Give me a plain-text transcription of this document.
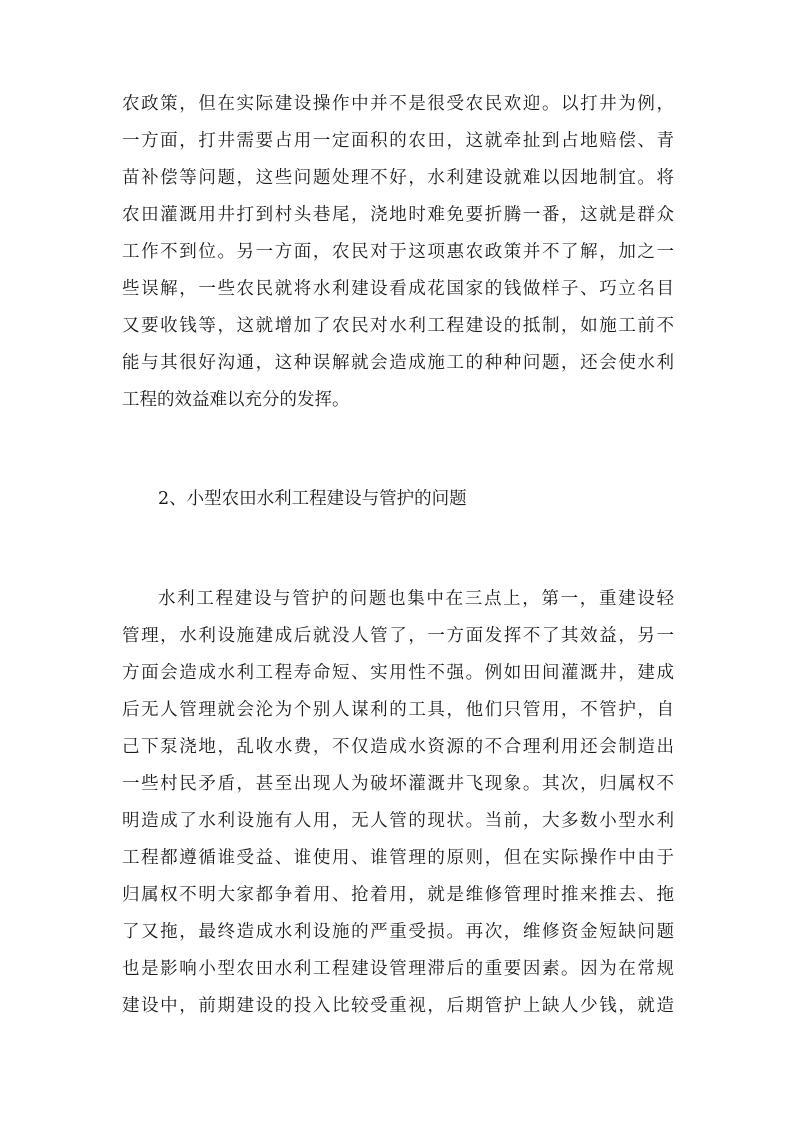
农政策，但在实际建设操作中并不是很受农民欢迎。以打井为例，
一方面，打井需要占用一定面积的农田，这就牵扯到占地赔偿、青
苗补偿等问题，这些问题处理不好，水利建设就难以因地制宜。将
农田灌溉用井打到村头巷尾，浇地时难免要折腾一番，这就是群众
工作不到位。另一方面，农民对于这项惠农政策并不了解，加之一
些误解，一些农民就将水利建设看成花国家的钱做样子、巧立名目
又要收钱等，这就增加了农民对水利工程建设的抵制，如施工前不
能与其很好沟通，这种误解就会造成施工的种种问题，还会使水利
工程的效益难以充分的发挥。
2、小型农田水利工程建设与管护的问题
水利工程建设与管护的问题也集中在三点上，第一，重建设轻
管理，水利设施建成后就没人管了，一方面发挥不了其效益，另一
方面会造成水利工程寿命短、实用性不强。例如田间灌溉井，建成
后无人管理就会沦为个别人谋利的工具，他们只管用，不管护，自
己下泵浇地，乱收水费，不仅造成水资源的不合理利用还会制造出
一些村民矛盾，甚至出现人为破坏灌溉井飞现象。其次，归属权不
明造成了水利设施有人用，无人管的现状。当前，大多数小型水利
工程都遵循谁受益、谁使用、谁管理的原则，但在实际操作中由于
归属权不明大家都争着用、抢着用，就是维修管理时推来推去、拖
了又拖，最终造成水利设施的严重受损。再次，维修资金短缺问题
也是影响小型农田水利工程建设管理滞后的重要因素。因为在常规
建设中，前期建设的投入比较受重视，后期管护上缺人少钱，就造
